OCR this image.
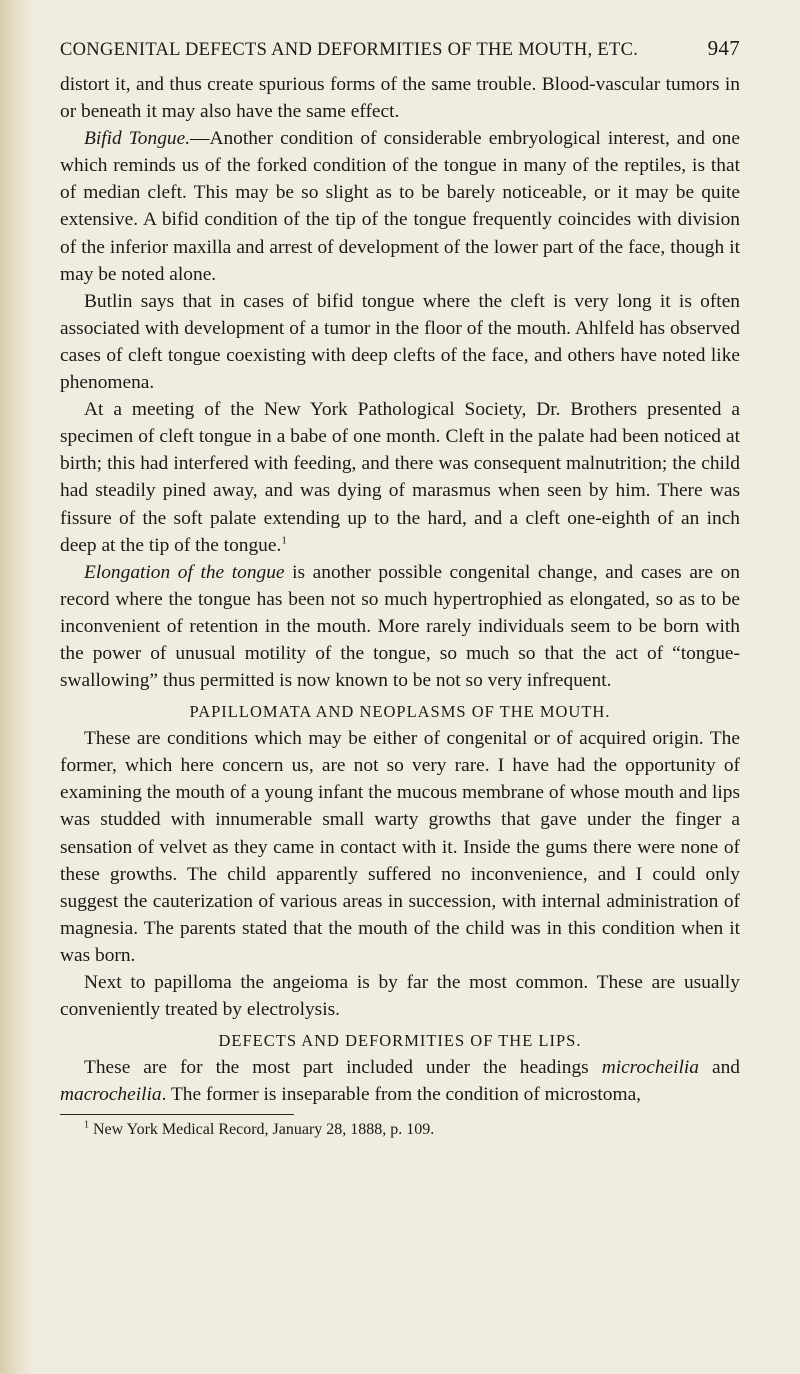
CONGENITAL DEFECTS AND DEFORMITIES OF THE MOUTH, ETC.	947

distort it, and thus create spurious forms of the same trouble. Blood-vascular tumors in or beneath it may also have the same effect.

Bifid Tongue.—Another condition of considerable embryological interest, and one which reminds us of the forked condition of the tongue in many of the reptiles, is that of median cleft. This may be so slight as to be barely noticeable, or it may be quite extensive. A bifid condition of the tip of the tongue frequently coincides with division of the inferior maxilla and arrest of development of the lower part of the face, though it may be noted alone.

Butlin says that in cases of bifid tongue where the cleft is very long it is often associated with development of a tumor in the floor of the mouth. Ahlfeld has observed cases of cleft tongue coexisting with deep clefts of the face, and others have noted like phenomena.

At a meeting of the New York Pathological Society, Dr. Brothers presented a specimen of cleft tongue in a babe of one month. Cleft in the palate had been noticed at birth; this had interfered with feeding, and there was consequent malnutrition; the child had steadily pined away, and was dying of marasmus when seen by him. There was fissure of the soft palate extending up to the hard, and a cleft one-eighth of an inch deep at the tip of the tongue.$^1$

Elongation of the tongue is another possible congenital change, and cases are on record where the tongue has been not so much hypertrophied as elongated, so as to be inconvenient of retention in the mouth. More rarely individuals seem to be born with the power of unusual motility of the tongue, so much so that the act of “tongue-swallowing” thus permitted is now known to be not so very infrequent.

PAPILLOMATA AND NEOPLASMS OF THE MOUTH.

These are conditions which may be either of congenital or of acquired origin. The former, which here concern us, are not so very rare. I have had the opportunity of examining the mouth of a young infant the mucous membrane of whose mouth and lips was studded with innumerable small warty growths that gave under the finger a sensation of velvet as they came in contact with it. Inside the gums there were none of these growths. The child apparently suffered no inconvenience, and I could only suggest the cauterization of various areas in succession, with internal administration of magnesia. The parents stated that the mouth of the child was in this condition when it was born.

Next to papilloma the angeioma is by far the most common. These are usually conveniently treated by electrolysis.

DEFECTS AND DEFORMITIES OF THE LIPS.

These are for the most part included under the headings microcheilia and macrocheilia. The former is inseparable from the condition of microstoma,

$^1$ New York Medical Record, January 28, 1888, p. 109.
